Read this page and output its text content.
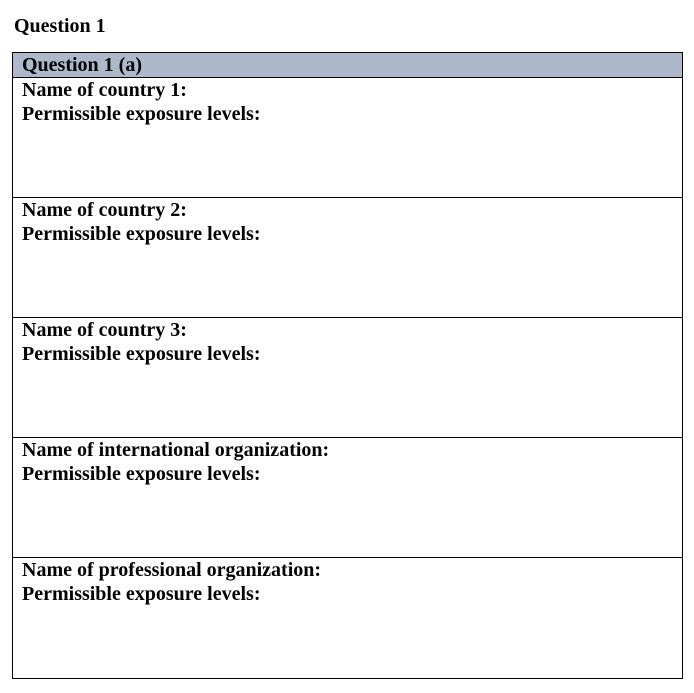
Question 1
Question 1 (a)
Name of country 1:
Permissible exposure levels:
Name of country 2:
Permissible exposure levels:
Name of country 3:
Permissible exposure levels:
Name of international organization:
Permissible exposure levels:
Name of professional organization:
Permissible exposure levels:
